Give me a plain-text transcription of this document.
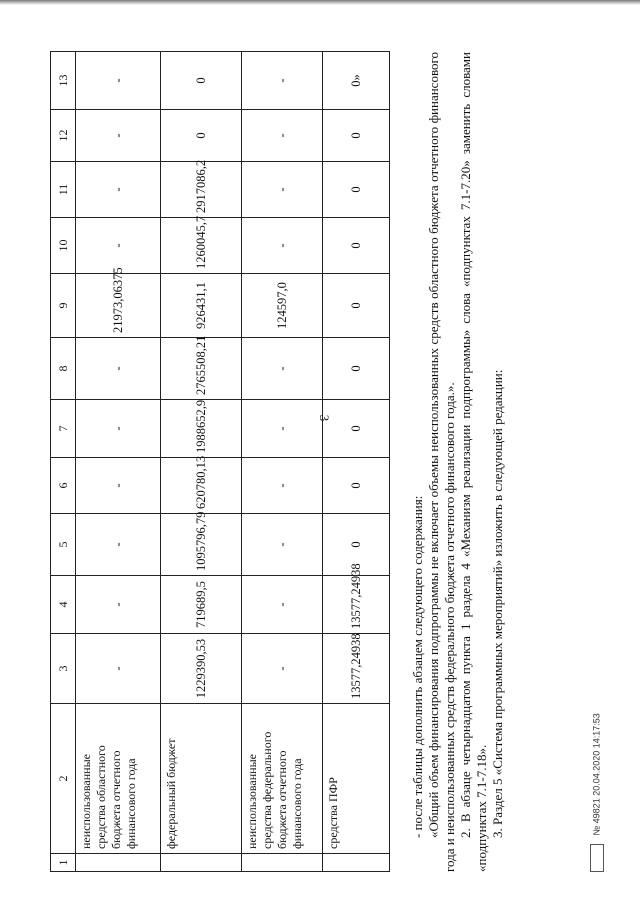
3
1	2	3	4	5	6	7	8	9	10	11	12	13
	неиспользованные средства областного бюджета отчетного финансового года	-	-	-	-	-	-	21973,06375	-	-	-	-
	федеральный бюджет	1229390,53	719689,5	1095796,79	620780,13	1988652,9	2765508,21	926431,1	1260045,7	2917086,2	0	0
	неиспользованные средства федерального бюджета отчетного финансового года	-	-	-	-	-	-	124597,0	-	-	-	-
	средства ПФР	13577,24938	13577,24938	0	0	0	0	0	0	0	0	0»

- после таблицы дополнить абзацем следующего содержания: «Общий объем финансирования подпрограммы не включает объемы неиспользованных средств областного бюджета отчетного финансового года и неиспользованных средств федерального бюджета отчетного финансового года.». 2. В абзаце четырнадцатом пункта 1 раздела 4 «Механизм реализации подпрограммы» слова «подпунктах 7.1-7.20» заменить словами «подпунктах 7.1-7.18». 3. Раздел 5 «Система программных мероприятий» изложить в следующей редакции:	№ 49821 20.04.2020 14:17:53
